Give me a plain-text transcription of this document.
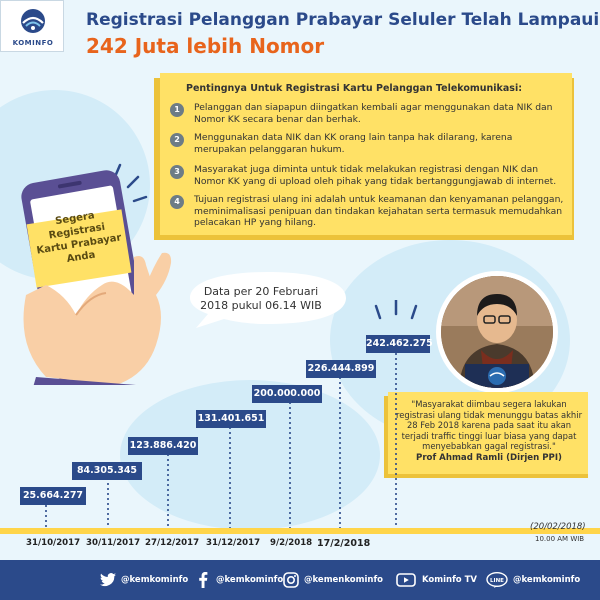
KOMINFO
Registrasi Pelanggan Prabayar Seluler Telah Lampaui
242 Juta lebih Nomor
Pentingnya Untuk Registrasi Kartu Pelanggan Telekomunikasi:
1	Pelanggan dan siapapun diingatkan kembali agar menggunakan data NIK dan Nomor KK secara benar dan berhak.
2	Menggunakan data NIK dan KK orang lain tanpa hak dilarang, karena merupakan pelanggaran hukum.
3	Masyarakat juga diminta untuk tidak melakukan registrasi dengan NIK dan Nomor KK yang di upload oleh pihak yang tidak bertanggungjawab di internet.
4	Tujuan registrasi ulang ini adalah untuk keamanan dan kenyamanan pelanggan, meminimalisasi penipuan dan tindakan kejahatan serta termasuk memudahkan pelacakan HP yang hilang.
Segera Registrasi Kartu Prabayar Anda
Data per 20 Februari
2018 pukul 06.14 WIB
"Masyarakat diimbau segera lakukan registrasi ulang tidak menunggu batas akhir 28 Feb 2018 karena pada saat itu akan terjadi traffic tinggi luar biasa yang dapat menyebabkan gagal registrasi."
Prof Ahmad Ramli (Dirjen PPI)
25.664.277
84.305.345
123.886.420
131.401.651
200.000.000
226.444.899
242.462.275
31/10/2017 30/11/2017 27/12/2017 31/12/2017 9/2/2018 17/2/2018
(20/02/2018)
10.00 AM WIB
@kemkominfo	@kemkominfo @kemenkominfo	Kominfo TV LINE @kemkominfo
